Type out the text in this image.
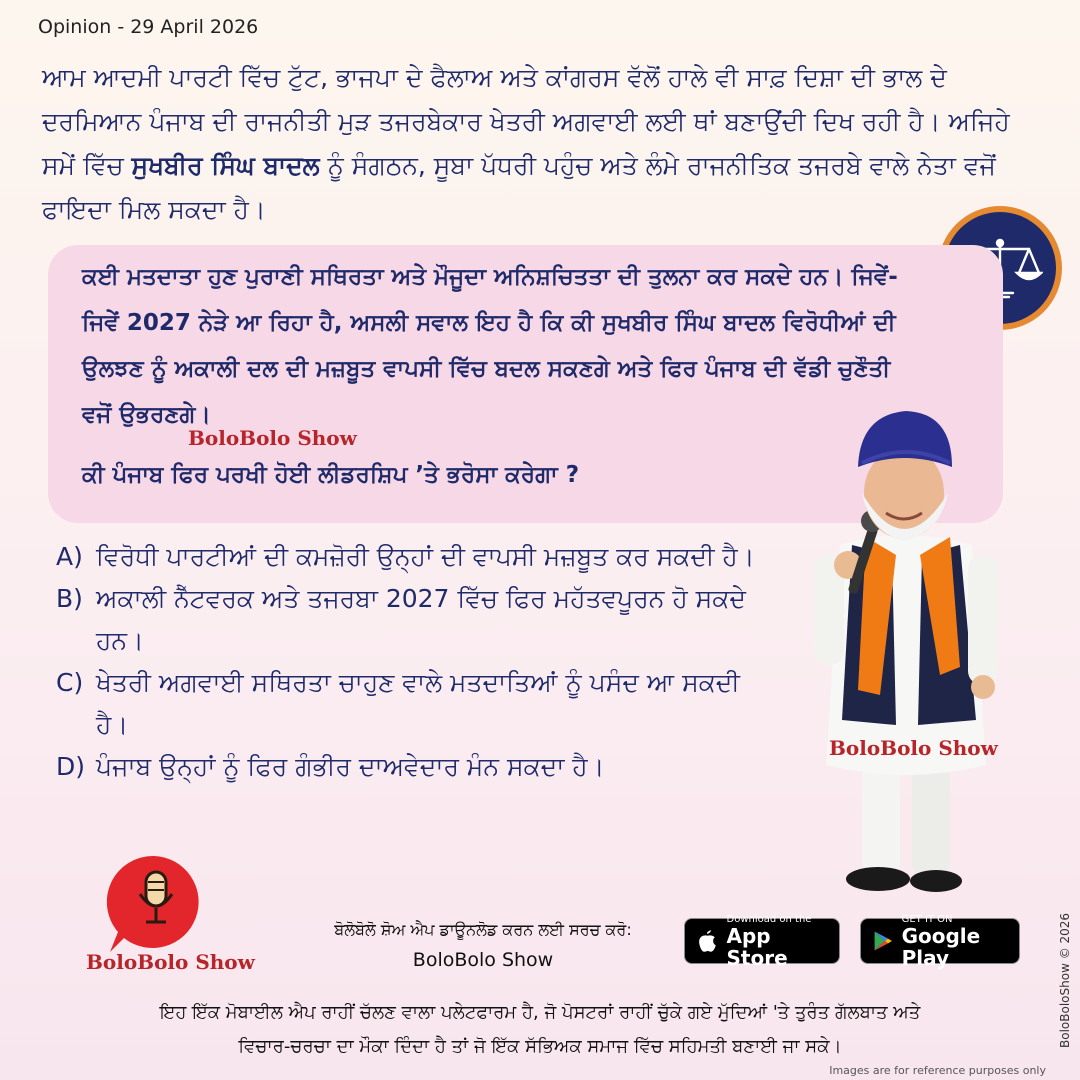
Opinion - 29 April 2026
ਆਮ ਆਦਮੀ ਪਾਰਟੀ ਵਿੱਚ ਟੁੱਟ, ਭਾਜਪਾ ਦੇ ਫੈਲਾਅ ਅਤੇ ਕਾਂਗਰਸ ਵੱਲੋਂ ਹਾਲੇ ਵੀ ਸਾਫ਼ ਦਿਸ਼ਾ ਦੀ ਭਾਲ ਦੇ ਦਰਮਿਆਨ ਪੰਜਾਬ ਦੀ ਰਾਜਨੀਤੀ ਮੁੜ ਤਜਰਬੇਕਾਰ ਖੇਤਰੀ ਅਗਵਾਈ ਲਈ ਥਾਂ ਬਣਾਉਂਦੀ ਦਿਖ ਰਹੀ ਹੈ। ਅਜਿਹੇ ਸਮੇਂ ਵਿੱਚ ਸੁਖਬੀਰ ਸਿੰਘ ਬਾਦਲ ਨੂੰ ਸੰਗਠਨ, ਸੂਬਾ ਪੱਧਰੀ ਪਹੁੰਚ ਅਤੇ ਲੰਮੇ ਰਾਜਨੀਤਿਕ ਤਜਰਬੇ ਵਾਲੇ ਨੇਤਾ ਵਜੋਂ ਫਾਇਦਾ ਮਿਲ ਸਕਦਾ ਹੈ।
ਕਈ ਮਤਦਾਤਾ ਹੁਣ ਪੁਰਾਣੀ ਸਥਿਰਤਾ ਅਤੇ ਮੌਜੂਦਾ ਅਨਿਸ਼ਚਿਤਤਾ ਦੀ ਤੁਲਨਾ ਕਰ ਸਕਦੇ ਹਨ। ਜਿਵੇਂ-ਜਿਵੇਂ 2027 ਨੇੜੇ ਆ ਰਿਹਾ ਹੈ, ਅਸਲੀ ਸਵਾਲ ਇਹ ਹੈ ਕਿ ਕੀ ਸੁਖਬੀਰ ਸਿੰਘ ਬਾਦਲ ਵਿਰੋਧੀਆਂ ਦੀ ਉਲਝਣ ਨੂੰ ਅਕਾਲੀ ਦਲ ਦੀ ਮਜ਼ਬੂਤ ਵਾਪਸੀ ਵਿੱਚ ਬਦਲ ਸਕਣਗੇ ਅਤੇ ਫਿਰ ਪੰਜਾਬ ਦੀ ਵੱਡੀ ਚੁਣੌਤੀ ਵਜੋਂ ਉਭਰਣਗੇ।
BoloBolo Show
ਕੀ ਪੰਜਾਬ ਫਿਰ ਪਰਖੀ ਹੋਈ ਲੀਡਰਸ਼ਿਪ ’ਤੇ ਭਰੋਸਾ ਕਰੇਗਾ ?
A) ਵਿਰੋਧੀ ਪਾਰਟੀਆਂ ਦੀ ਕਮਜ਼ੋਰੀ ਉਨ੍ਹਾਂ ਦੀ ਵਾਪਸੀ ਮਜ਼ਬੂਤ ਕਰ ਸਕਦੀ ਹੈ।
B) ਅਕਾਲੀ ਨੈੱਟਵਰਕ ਅਤੇ ਤਜਰਬਾ 2027 ਵਿੱਚ ਫਿਰ ਮਹੱਤਵਪੂਰਨ ਹੋ ਸਕਦੇ ਹਨ।
C) ਖੇਤਰੀ ਅਗਵਾਈ ਸਥਿਰਤਾ ਚਾਹੁਣ ਵਾਲੇ ਮਤਦਾਤਿਆਂ ਨੂੰ ਪਸੰਦ ਆ ਸਕਦੀ ਹੈ।
D) ਪੰਜਾਬ ਉਨ੍ਹਾਂ ਨੂੰ ਫਿਰ ਗੰਭੀਰ ਦਾਅਵੇਦਾਰ ਮੰਨ ਸਕਦਾ ਹੈ।
BoloBolo Show
BoloBolo Show
ਬੋਲੋਬੋਲੋ ਸ਼ੋਅ ਐਪ ਡਾਊਨਲੋਡ ਕਰਨ ਲਈ ਸਰਚ ਕਰੋ:
BoloBolo Show
Download on the
App Store
GET IT ON
Google Play
ਇਹ ਇੱਕ ਮੋਬਾਈਲ ਐਪ ਰਾਹੀਂ ਚੱਲਣ ਵਾਲਾ ਪਲੇਟਫਾਰਮ ਹੈ, ਜੋ ਪੋਸਟਰਾਂ ਰਾਹੀਂ ਚੁੱਕੇ ਗਏ ਮੁੱਦਿਆਂ 'ਤੇ ਤੁਰੰਤ ਗੱਲਬਾਤ ਅਤੇ
ਵਿਚਾਰ-ਚਰਚਾ ਦਾ ਮੌਕਾ ਦਿੰਦਾ ਹੈ ਤਾਂ ਜੋ ਇੱਕ ਸੱਭਿਅਕ ਸਮਾਜ ਵਿੱਚ ਸਹਿਮਤੀ ਬਣਾਈ ਜਾ ਸਕੇ।	BoloBoloShow © 2026
Images are for reference purposes only
